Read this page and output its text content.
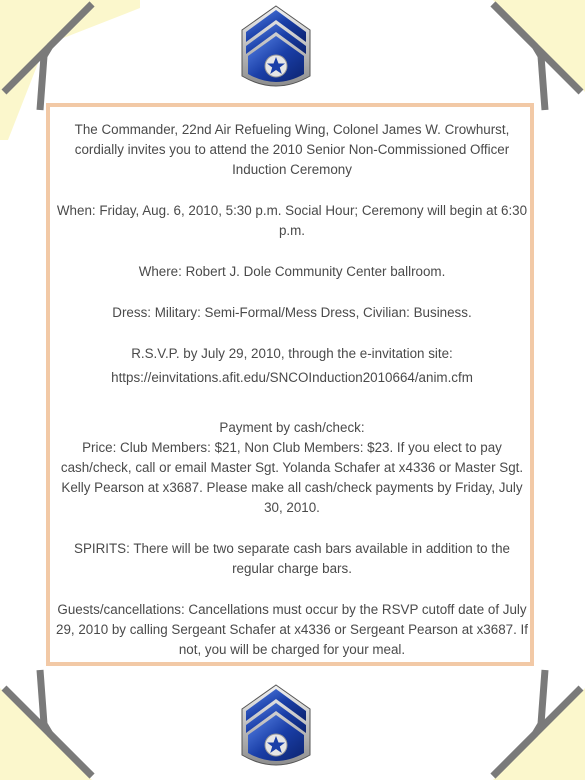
The Commander, 22nd Air Refueling Wing, Colonel James W. Crowhurst, cordially invites you to attend the 2010 Senior Non-Commissioned Officer Induction Ceremony

When: Friday, Aug. 6, 2010, 5:30 p.m. Social Hour; Ceremony will begin at 6:30 p.m.

Where: Robert J. Dole Community Center ballroom.

Dress: Military: Semi-Formal/Mess Dress, Civilian: Business.

R.S.V.P. by July 29, 2010, through the e-invitation site:

https://einvitations.afit.edu/SNCOInduction2010664/anim.cfm

Payment by cash/check:

Price: Club Members: $21, Non Club Members: $23. If you elect to pay cash/check, call or email Master Sgt. Yolanda Schafer at x4336 or Master Sgt. Kelly Pearson at x3687. Please make all cash/check payments by Friday, July 30, 2010.

SPIRITS: There will be two separate cash bars available in addition to the regular charge bars.

Guests/cancellations: Cancellations must occur by the RSVP cutoff date of July 29, 2010 by calling Sergeant Schafer at x4336 or Sergeant Pearson at x3687. If not, you will be charged for your meal.
